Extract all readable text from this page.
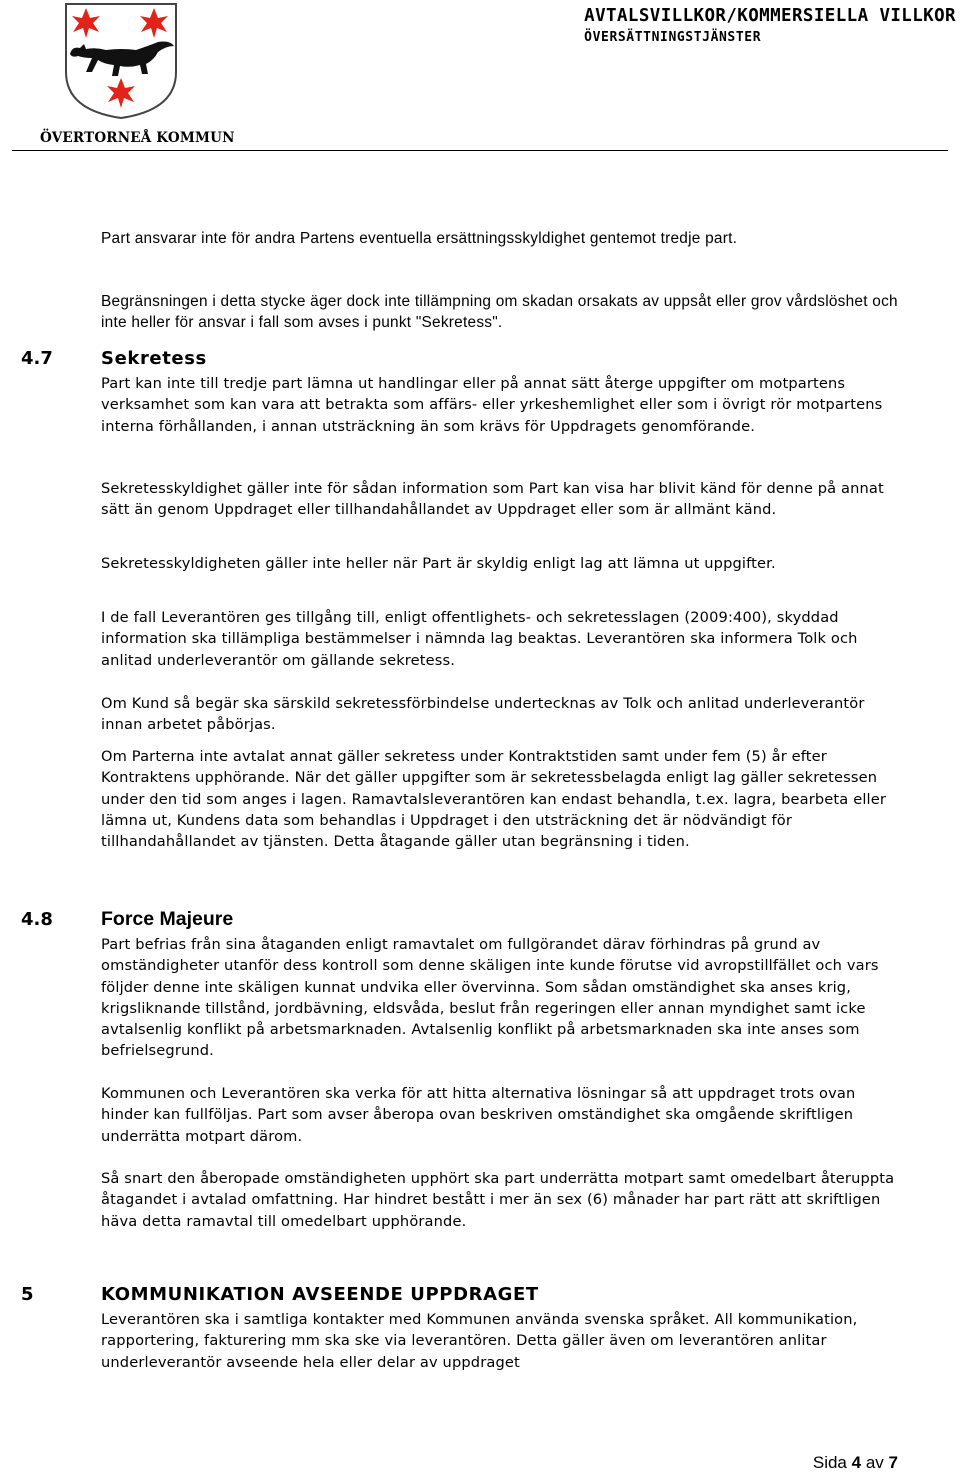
ÖVERTORNEÅ KOMMUN
AVTALSVILLKOR/KOMMERSIELLA VILLKOR
ÖVERSÄTTNINGSTJÄNSTER

Part ansvarar inte för andra Partens eventuella ersättningsskyldighet gentemot tredje part.

Begränsningen i detta stycke äger dock inte tillämpning om skadan orsakats av uppsåt eller grov vårdslöshet och inte heller för ansvar i fall som avses i punkt "Sekretess".

4.7	Sekretess

Part kan inte till tredje part lämna ut handlingar eller på annat sätt återge uppgifter om motpartens verksamhet som kan vara att betrakta som affärs- eller yrkeshemlighet eller som i övrigt rör motpartens interna förhållanden, i annan utsträckning än som krävs för Uppdragets genomförande.

Sekretesskyldighet gäller inte för sådan information som Part kan visa har blivit känd för denne på annat sätt än genom Uppdraget eller tillhandahållandet av Uppdraget eller som är allmänt känd.

Sekretesskyldigheten gäller inte heller när Part är skyldig enligt lag att lämna ut uppgifter.

I de fall Leverantören ges tillgång till, enligt offentlighets- och sekretesslagen (2009:400), skyddad information ska tillämpliga bestämmelser i nämnda lag beaktas. Leverantören ska informera Tolk och anlitad underleverantör om gällande sekretess.

Om Kund så begär ska särskild sekretessförbindelse undertecknas av Tolk och anlitad underleverantör innan arbetet påbörjas.

Om Parterna inte avtalat annat gäller sekretess under Kontraktstiden samt under fem (5) år efter Kontraktens upphörande. När det gäller uppgifter som är sekretessbelagda enligt lag gäller sekretessen under den tid som anges i lagen. Ramavtalsleverantören kan endast behandla, t.ex. lagra, bearbeta eller lämna ut, Kundens data som behandlas i Uppdraget i den utsträckning det är nödvändigt för tillhandahållandet av tjänsten. Detta åtagande gäller utan begränsning i tiden.

4.8 Force Majeure

Part befrias från sina åtaganden enligt ramavtalet om fullgörandet därav förhindras på grund av omständigheter utanför dess kontroll som denne skäligen inte kunde förutse vid avropstillfället och vars följder denne inte skäligen kunnat undvika eller övervinna. Som sådan omständighet ska anses krig, krigsliknande tillstånd, jordbävning, eldsvåda, beslut från regeringen eller annan myndighet samt icke avtalsenlig konflikt på arbetsmarknaden. Avtalsenlig konflikt på arbetsmarknaden ska inte anses som befrielsegrund.

Kommunen och Leverantören ska verka för att hitta alternativa lösningar så att uppdraget trots ovan hinder kan fullföljas. Part som avser åberopa ovan beskriven omständighet ska omgående skriftligen underrätta motpart därom.

Så snart den åberopade omständigheten upphört ska part underrätta motpart samt omedelbart återuppta åtagandet i avtalad omfattning. Har hindret bestått i mer än sex (6) månader har part rätt att skriftligen häva detta ramavtal till omedelbart upphörande.

5	KOMMUNIKATION AVSEENDE UPPDRAGET

Leverantören ska i samtliga kontakter med Kommunen använda svenska språket. All kommunikation, rapportering, fakturering mm ska ske via leverantören. Detta gäller även om leverantören anlitar underleverantör avseende hela eller delar av uppdraget

Sida 4 av 7
